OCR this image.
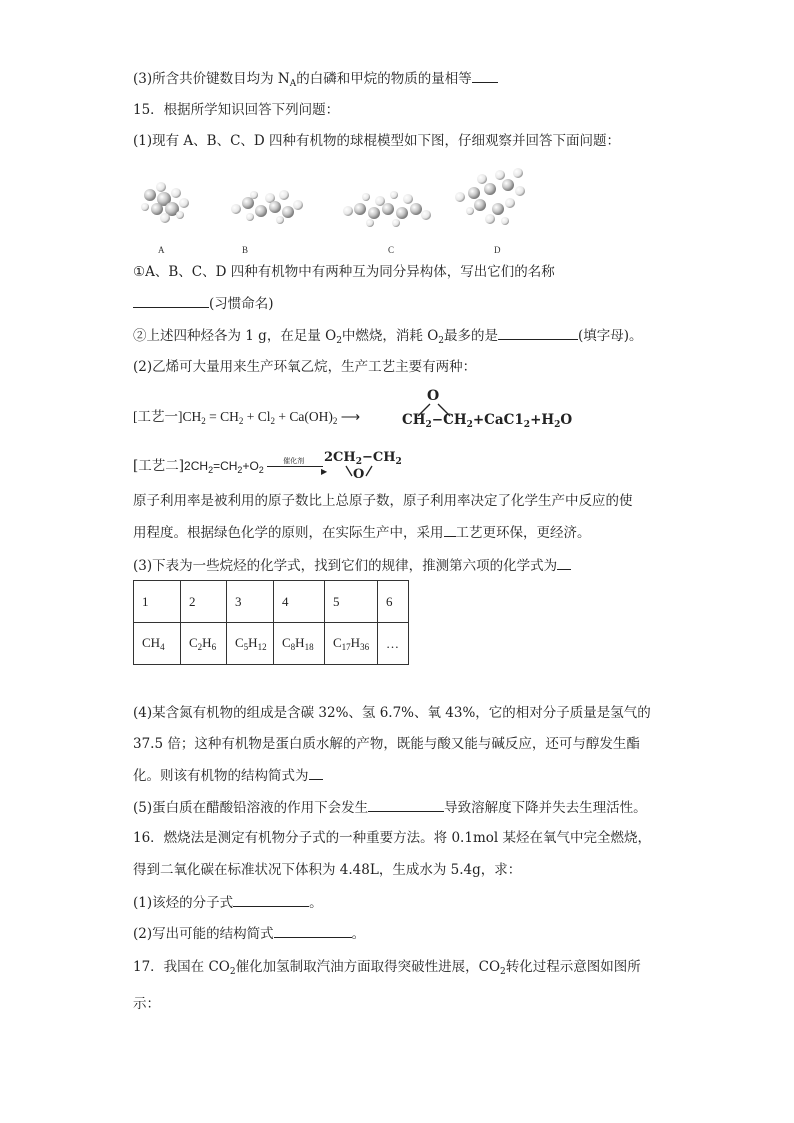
(3)所含共价键数目均为 $N_A$的白磷和甲烷的物质的量相等
15．根据所学知识回答下列问题：
(1)现有 A、B、C、D 四种有机物的球棍模型如下图，仔细观察并回答下面问题：
A	B	C	D
①A、B、C、D 四种有机物中有两种互为同分异构体，写出它们的名称
(习惯命名)
②上述四种烃各为 1 g，在足量 $O_2$中燃烧，消耗 $O_2$最多的是	(填字母)。
(2)乙烯可大量用来生产环氧乙烷，生产工艺主要有两种：
[工艺一]$CH_2 = CH_2 + Cl_2 + Ca(OH)_2$ ⟶
O
$CH_2-CH_2+CaC1_2+H_2O$
[工艺二]$2CH_2=CH_2+O_2$
催化剂
▶
$2CH_2-CH_2$
O
原子利用率是被利用的原子数比上总原子数，原子利用率决定了化学生产中反应的使
用程度。根据绿色化学的原则，在实际生产中，采用 工艺更环保，更经济。
(3)下表为一些烷烃的化学式，找到它们的规律，推测第六项的化学式为
1	2	3	4	5	6
$CH_4$	$C_2H_6$	$C_5H_{12}$	$C_8H_{18}$	$C_{17}H_{36}$	…
(4)某含氮有机物的组成是含碳 32%、氢 6.7%、氧 43%，它的相对分子质量是氢气的
37.5 倍；这种有机物是蛋白质水解的产物，既能与酸又能与碱反应，还可与醇发生酯
化。则该有机物的结构简式为
(5)蛋白质在醋酸铅溶液的作用下会发生	导致溶解度下降并失去生理活性。
16．燃烧法是测定有机物分子式的一种重要方法。将 0.1mol 某烃在氧气中完全燃烧，
得到二氧化碳在标准状况下体积为 4.48L，生成水为 5.4g，求：
(1)该烃的分子式	。
(2)写出可能的结构简式	。
17．我国在 $CO_2$催化加氢制取汽油方面取得突破性进展，$CO_2$转化过程示意图如图所
示：
